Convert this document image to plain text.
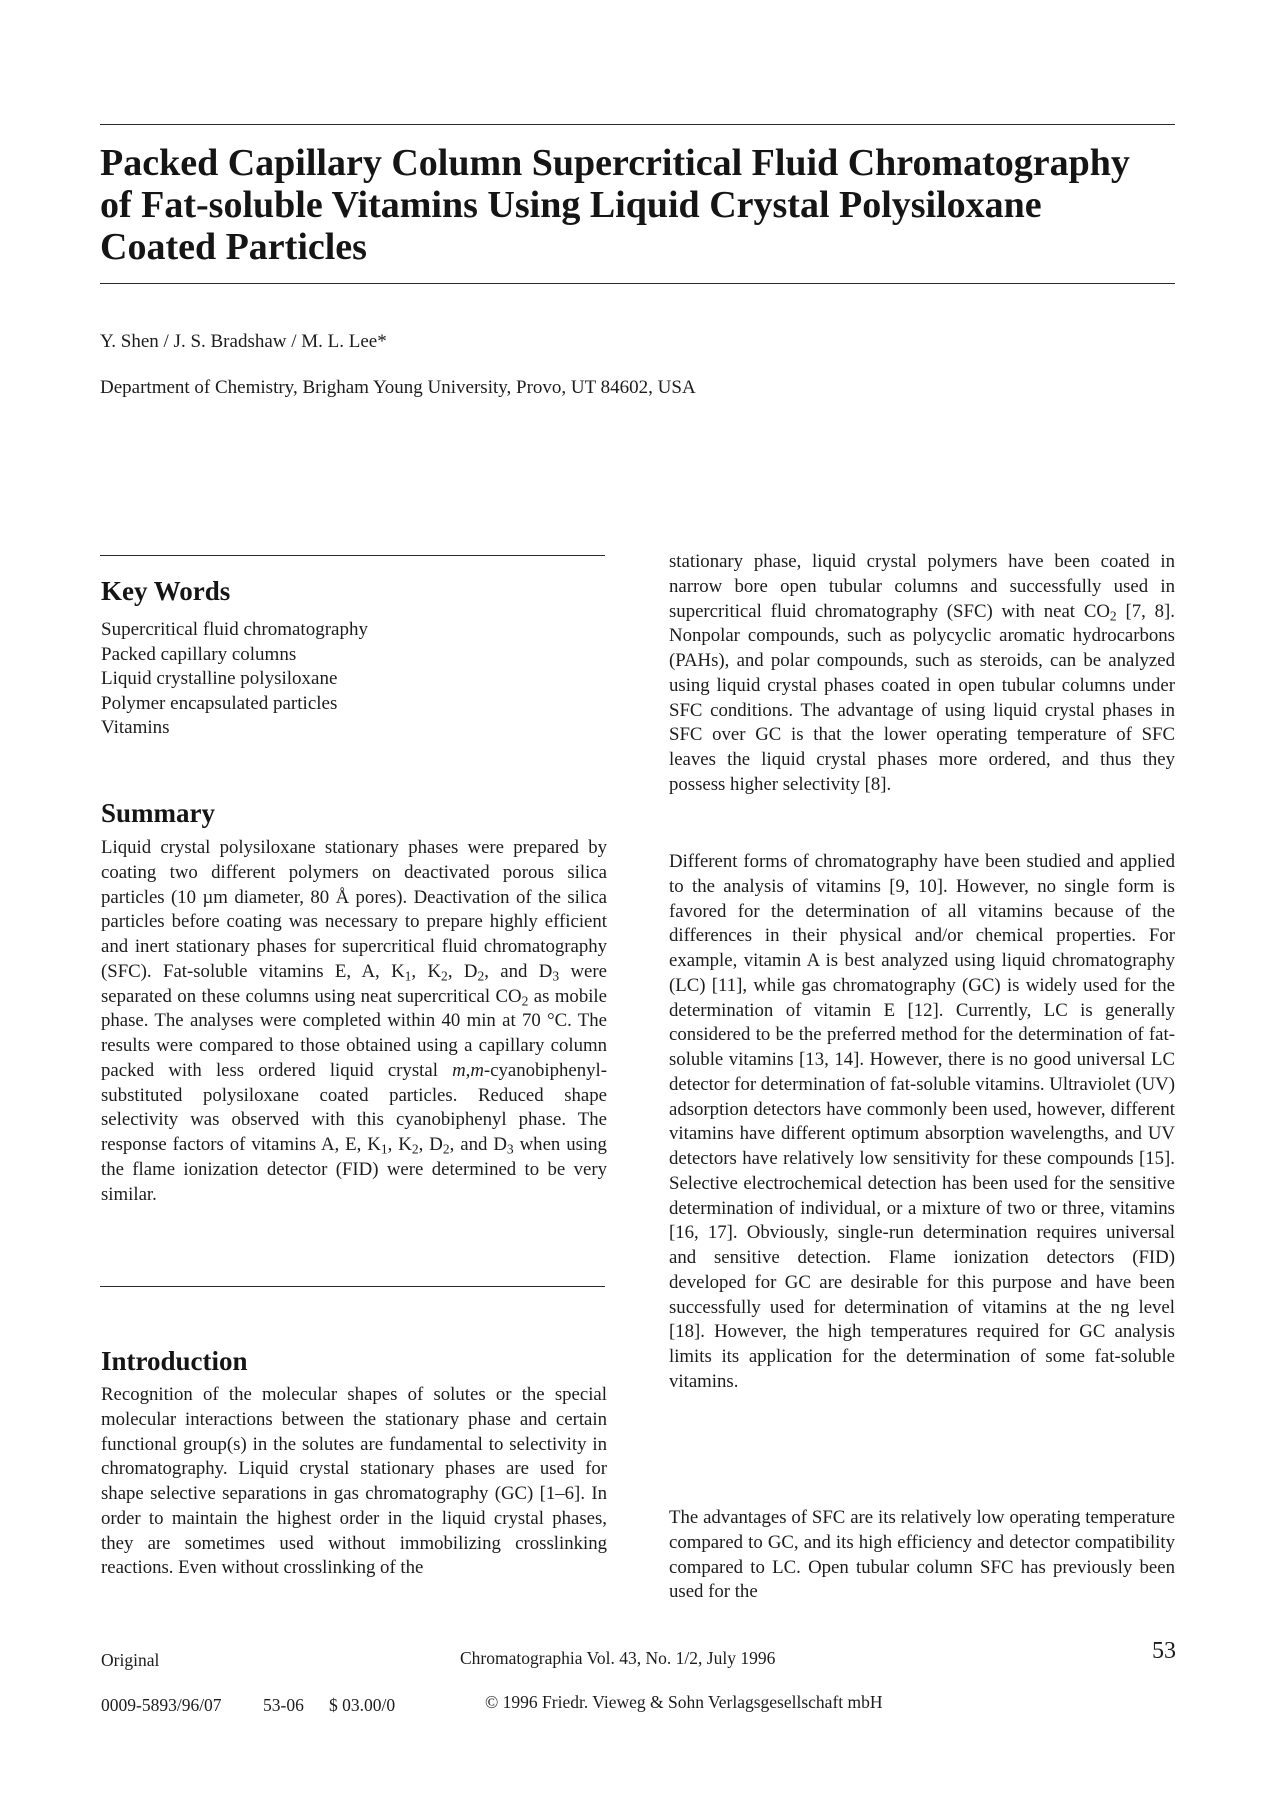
Packed Capillary Column Supercritical Fluid Chromatography
of Fat-soluble Vitamins Using Liquid Crystal Polysiloxane
Coated Particles

Y. Shen / J. S. Bradshaw / M. L. Lee*

Department of Chemistry, Brigham Young University, Provo, UT 84602, USA

Key Words
Supercritical fluid chromatography
Packed capillary columns
Liquid crystalline polysiloxane
Polymer encapsulated particles
Vitamins
Summary

Liquid crystal polysiloxane stationary phases were prepared by coating two different polymers on deactivated porous silica particles (10 µm diameter, 80 Å pores). Deactivation of the silica particles before coating was necessary to prepare highly efficient and inert stationary phases for supercritical fluid chromatography (SFC). Fat-soluble vitamins E, A, $K_1$, $K_2$, $D_2$, and $D_3$ were separated on these columns using neat supercritical $CO_2$ as mobile phase. The analyses were completed within 40 min at 70 °C. The results were compared to those obtained using a capillary column packed with less ordered liquid crystal m,m-cyanobiphenyl-substituted polysiloxane coated particles. Reduced shape selectivity was observed with this cyanobiphenyl phase. The response factors of vitamins A, E, $K_1$, $K_2$, $D_2$, and $D_3$ when using the flame ionization detector (FID) were determined to be very similar.

Introduction

Recognition of the molecular shapes of solutes or the special molecular interactions between the stationary phase and certain functional group(s) in the solutes are fundamental to selectivity in chromatography. Liquid crystal stationary phases are used for shape selective separations in gas chromatography (GC) [1–6]. In order to maintain the highest order in the liquid crystal phases, they are sometimes used without immobilizing crosslinking reactions. Even without crosslinking of the

stationary phase, liquid crystal polymers have been coated in narrow bore open tubular columns and successfully used in supercritical fluid chromatography (SFC) with neat $CO_2$ [7, 8]. Nonpolar compounds, such as polycyclic aromatic hydrocarbons (PAHs), and polar compounds, such as steroids, can be analyzed using liquid crystal phases coated in open tubular columns under SFC conditions. The advantage of using liquid crystal phases in SFC over GC is that the lower operating temperature of SFC leaves the liquid crystal phases more ordered, and thus they possess higher selectivity [8].

Different forms of chromatography have been studied and applied to the analysis of vitamins [9, 10]. However, no single form is favored for the determination of all vitamins because of the differences in their physical and/or chemical properties. For example, vitamin A is best analyzed using liquid chromatography (LC) [11], while gas chromatography (GC) is widely used for the determination of vitamin E [12]. Currently, LC is generally considered to be the preferred method for the determination of fat-soluble vitamins [13, 14]. However, there is no good universal LC detector for determination of fat-soluble vitamins. Ultraviolet (UV) adsorption detectors have commonly been used, however, different vitamins have different optimum absorption wavelengths, and UV detectors have relatively low sensitivity for these compounds [15]. Selective electrochemical detection has been used for the sensitive determination of individual, or a mixture of two or three, vitamins [16, 17]. Obviously, single-run determination requires universal and sensitive detection. Flame ionization detectors (FID) developed for GC are desirable for this purpose and have been successfully used for determination of vitamins at the ng level [18]. However, the high temperatures required for GC analysis limits its application for the determination of some fat-soluble vitamins.

The advantages of SFC are its relatively low operating temperature compared to GC, and its high efficiency and detector compatibility compared to LC. Open tubular column SFC has previously been used for the

Original	Chromatographia Vol. 43, No. 1/2, July 1996	53

0009-5893/96/07 53-06 $ 03.00/0	© 1996 Friedr. Vieweg & Sohn Verlagsgesellschaft mbH
